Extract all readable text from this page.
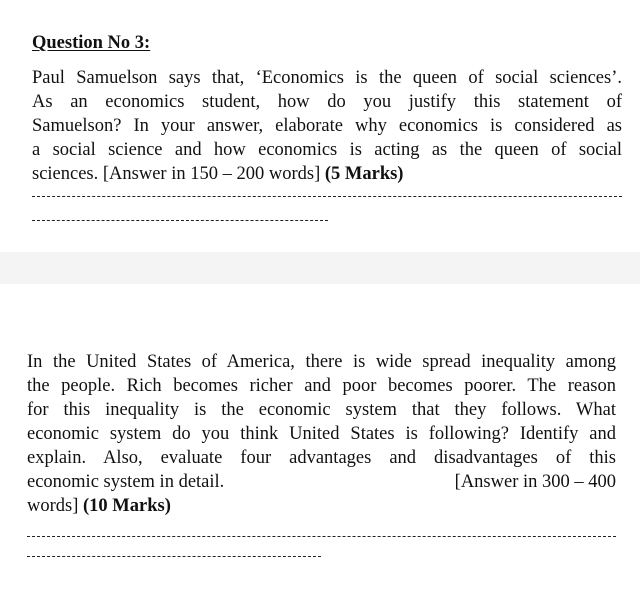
Question No 3:

Paul Samuelson says that, ‘Economics is the queen of social sciences’.
As an economics student, how do you justify this statement of
Samuelson? In your answer, elaborate why economics is considered as
a social science and how economics is acting as the queen of social
sciences. [Answer in 150 – 200 words] (5 Marks)

In the United States of America, there is wide spread inequality among
the people. Rich becomes richer and poor becomes poorer. The reason
for this inequality is the economic system that they follows. What
economic system do you think United States is following? Identify and
explain. Also, evaluate four advantages and disadvantages of this
economic system in detail.	[Answer in 300 – 400
words] (10 Marks)
